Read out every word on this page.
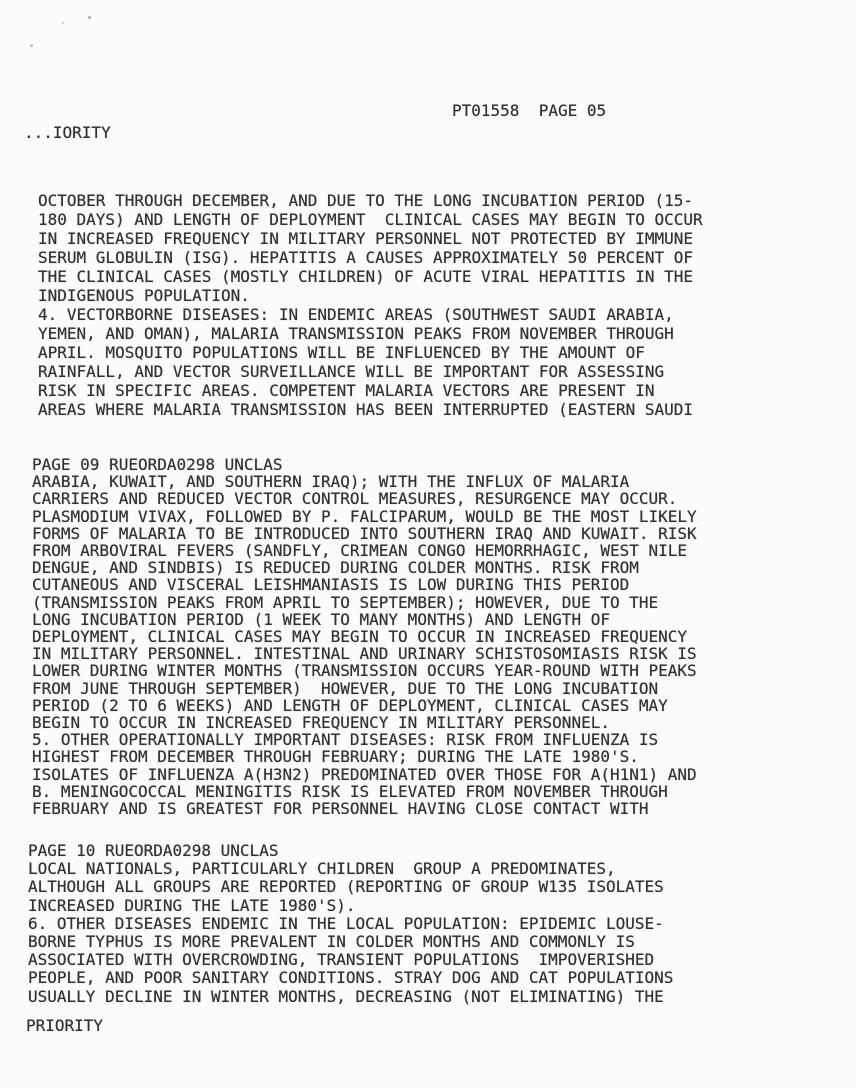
PT01558  PAGE 05
...IORITY
OCTOBER THROUGH DECEMBER, AND DUE TO THE LONG INCUBATION PERIOD (15-
180 DAYS) AND LENGTH OF DEPLOYMENT  CLINICAL CASES MAY BEGIN TO OCCUR
IN INCREASED FREQUENCY IN MILITARY PERSONNEL NOT PROTECTED BY IMMUNE
SERUM GLOBULIN (ISG). HEPATITIS A CAUSES APPROXIMATELY 50 PERCENT OF
THE CLINICAL CASES (MOSTLY CHILDREN) OF ACUTE VIRAL HEPATITIS IN THE
INDIGENOUS POPULATION.
4. VECTORBORNE DISEASES: IN ENDEMIC AREAS (SOUTHWEST SAUDI ARABIA,
YEMEN, AND OMAN), MALARIA TRANSMISSION PEAKS FROM NOVEMBER THROUGH
APRIL. MOSQUITO POPULATIONS WILL BE INFLUENCED BY THE AMOUNT OF
RAINFALL, AND VECTOR SURVEILLANCE WILL BE IMPORTANT FOR ASSESSING
RISK IN SPECIFIC AREAS. COMPETENT MALARIA VECTORS ARE PRESENT IN
AREAS WHERE MALARIA TRANSMISSION HAS BEEN INTERRUPTED (EASTERN SAUDI
PAGE 09 RUEORDA0298 UNCLAS
ARABIA, KUWAIT, AND SOUTHERN IRAQ); WITH THE INFLUX OF MALARIA
CARRIERS AND REDUCED VECTOR CONTROL MEASURES, RESURGENCE MAY OCCUR.
PLASMODIUM VIVAX, FOLLOWED BY P. FALCIPARUM, WOULD BE THE MOST LIKELY
FORMS OF MALARIA TO BE INTRODUCED INTO SOUTHERN IRAQ AND KUWAIT. RISK
FROM ARBOVIRAL FEVERS (SANDFLY, CRIMEAN CONGO HEMORRHAGIC, WEST NILE
DENGUE, AND SINDBIS) IS REDUCED DURING COLDER MONTHS. RISK FROM
CUTANEOUS AND VISCERAL LEISHMANIASIS IS LOW DURING THIS PERIOD
(TRANSMISSION PEAKS FROM APRIL TO SEPTEMBER); HOWEVER, DUE TO THE
LONG INCUBATION PERIOD (1 WEEK TO MANY MONTHS) AND LENGTH OF
DEPLOYMENT, CLINICAL CASES MAY BEGIN TO OCCUR IN INCREASED FREQUENCY
IN MILITARY PERSONNEL. INTESTINAL AND URINARY SCHISTOSOMIASIS RISK IS
LOWER DURING WINTER MONTHS (TRANSMISSION OCCURS YEAR-ROUND WITH PEAKS
FROM JUNE THROUGH SEPTEMBER)  HOWEVER, DUE TO THE LONG INCUBATION
PERIOD (2 TO 6 WEEKS) AND LENGTH OF DEPLOYMENT, CLINICAL CASES MAY
BEGIN TO OCCUR IN INCREASED FREQUENCY IN MILITARY PERSONNEL.
5. OTHER OPERATIONALLY IMPORTANT DISEASES: RISK FROM INFLUENZA IS
HIGHEST FROM DECEMBER THROUGH FEBRUARY; DURING THE LATE 1980'S.
ISOLATES OF INFLUENZA A(H3N2) PREDOMINATED OVER THOSE FOR A(H1N1) AND
B. MENINGOCOCCAL MENINGITIS RISK IS ELEVATED FROM NOVEMBER THROUGH
FEBRUARY AND IS GREATEST FOR PERSONNEL HAVING CLOSE CONTACT WITH
PAGE 10 RUEORDA0298 UNCLAS
LOCAL NATIONALS, PARTICULARLY CHILDREN  GROUP A PREDOMINATES,
ALTHOUGH ALL GROUPS ARE REPORTED (REPORTING OF GROUP W135 ISOLATES
INCREASED DURING THE LATE 1980'S).
6. OTHER DISEASES ENDEMIC IN THE LOCAL POPULATION: EPIDEMIC LOUSE-
BORNE TYPHUS IS MORE PREVALENT IN COLDER MONTHS AND COMMONLY IS
ASSOCIATED WITH OVERCROWDING, TRANSIENT POPULATIONS  IMPOVERISHED
PEOPLE, AND POOR SANITARY CONDITIONS. STRAY DOG AND CAT POPULATIONS
USUALLY DECLINE IN WINTER MONTHS, DECREASING (NOT ELIMINATING) THE
PRIORITY
